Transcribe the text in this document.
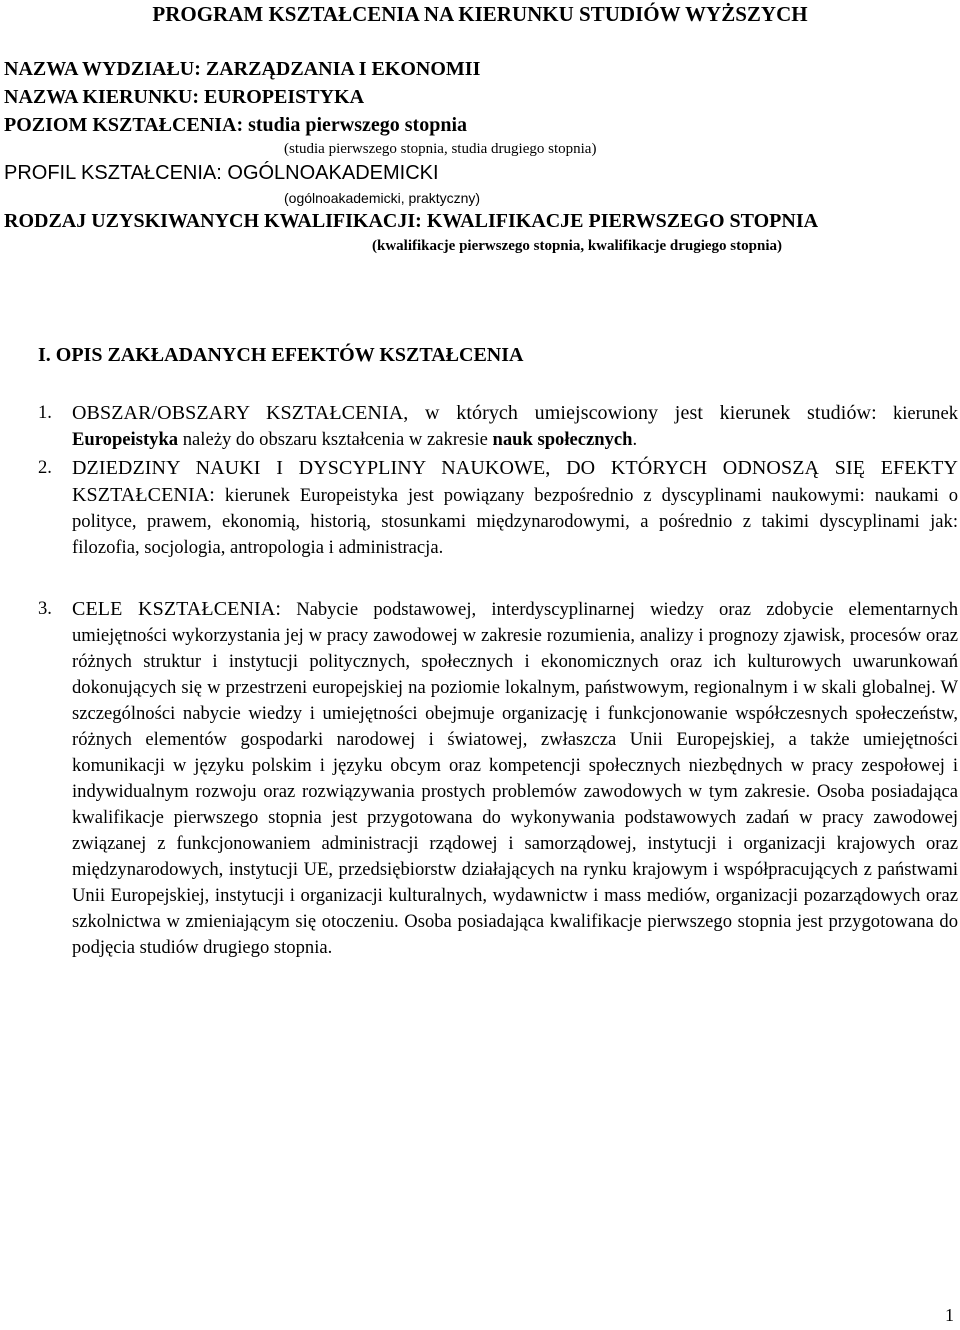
PROGRAM KSZTAŁCENIA NA KIERUNKU STUDIÓW WYŻSZYCH
NAZWA WYDZIAŁU: ZARZĄDZANIA I EKONOMII
NAZWA KIERUNKU: EUROPEISTYKA
POZIOM KSZTAŁCENIA: studia pierwszego stopnia
(studia pierwszego stopnia, studia drugiego stopnia)
PROFIL KSZTAŁCENIA: OGÓLNOAKADEMICKI
(ogólnoakademicki, praktyczny)
RODZAJ UZYSKIWANYCH KWALIFIKACJI: KWALIFIKACJE PIERWSZEGO STOPNIA
(kwalifikacje pierwszego stopnia, kwalifikacje drugiego stopnia)
I. OPIS ZAKŁADANYCH EFEKTÓW KSZTAŁCENIA
1. OBSZAR/OBSZARY KSZTAŁCENIA, w których umiejscowiony jest kierunek studiów: kierunek Europeistyka należy do obszaru kształcenia w zakresie nauk społecznych.
2. DZIEDZINY NAUKI I DYSCYPLINY NAUKOWE, DO KTÓRYCH ODNOSZĄ SIĘ EFEKTY KSZTAŁCENIA: kierunek Europeistyka jest powiązany bezpośrednio z dyscyplinami naukowymi: naukami o polityce, prawem, ekonomią, historią, stosunkami międzynarodowymi, a pośrednio z takimi dyscyplinami jak: filozofia, socjologia, antropologia i administracja.
3. CELE KSZTAŁCENIA: Nabycie podstawowej, interdyscyplinarnej wiedzy oraz zdobycie elementarnych umiejętności wykorzystania jej w pracy zawodowej w zakresie rozumienia, analizy i prognozy zjawisk, procesów oraz różnych struktur i instytucji politycznych, społecznych i ekonomicznych oraz ich kulturowych uwarunkowań dokonujących się w przestrzeni europejskiej na poziomie lokalnym, państwowym, regionalnym i w skali globalnej. W szczególności nabycie wiedzy i umiejętności obejmuje organizację i funkcjonowanie współczesnych społeczeństw, różnych elementów gospodarki narodowej i światowej, zwłaszcza Unii Europejskiej, a także umiejętności komunikacji w języku polskim i języku obcym oraz kompetencji społecznych niezbędnych w pracy zespołowej i indywidualnym rozwoju oraz rozwiązywania prostych problemów zawodowych w tym zakresie. Osoba posiadająca kwalifikacje pierwszego stopnia jest przygotowana do wykonywania podstawowych zadań w pracy zawodowej związanej z funkcjonowaniem administracji rządowej i samorządowej, instytucji i organizacji krajowych oraz międzynarodowych, instytucji UE, przedsiębiorstw działających na rynku krajowym i współpracujących z państwami Unii Europejskiej, instytucji i organizacji kulturalnych, wydawnictw i mass mediów, organizacji pozarządowych oraz szkolnictwa w zmieniającym się otoczeniu. Osoba posiadająca kwalifikacje pierwszego stopnia jest przygotowana do podjęcia studiów drugiego stopnia.
1
